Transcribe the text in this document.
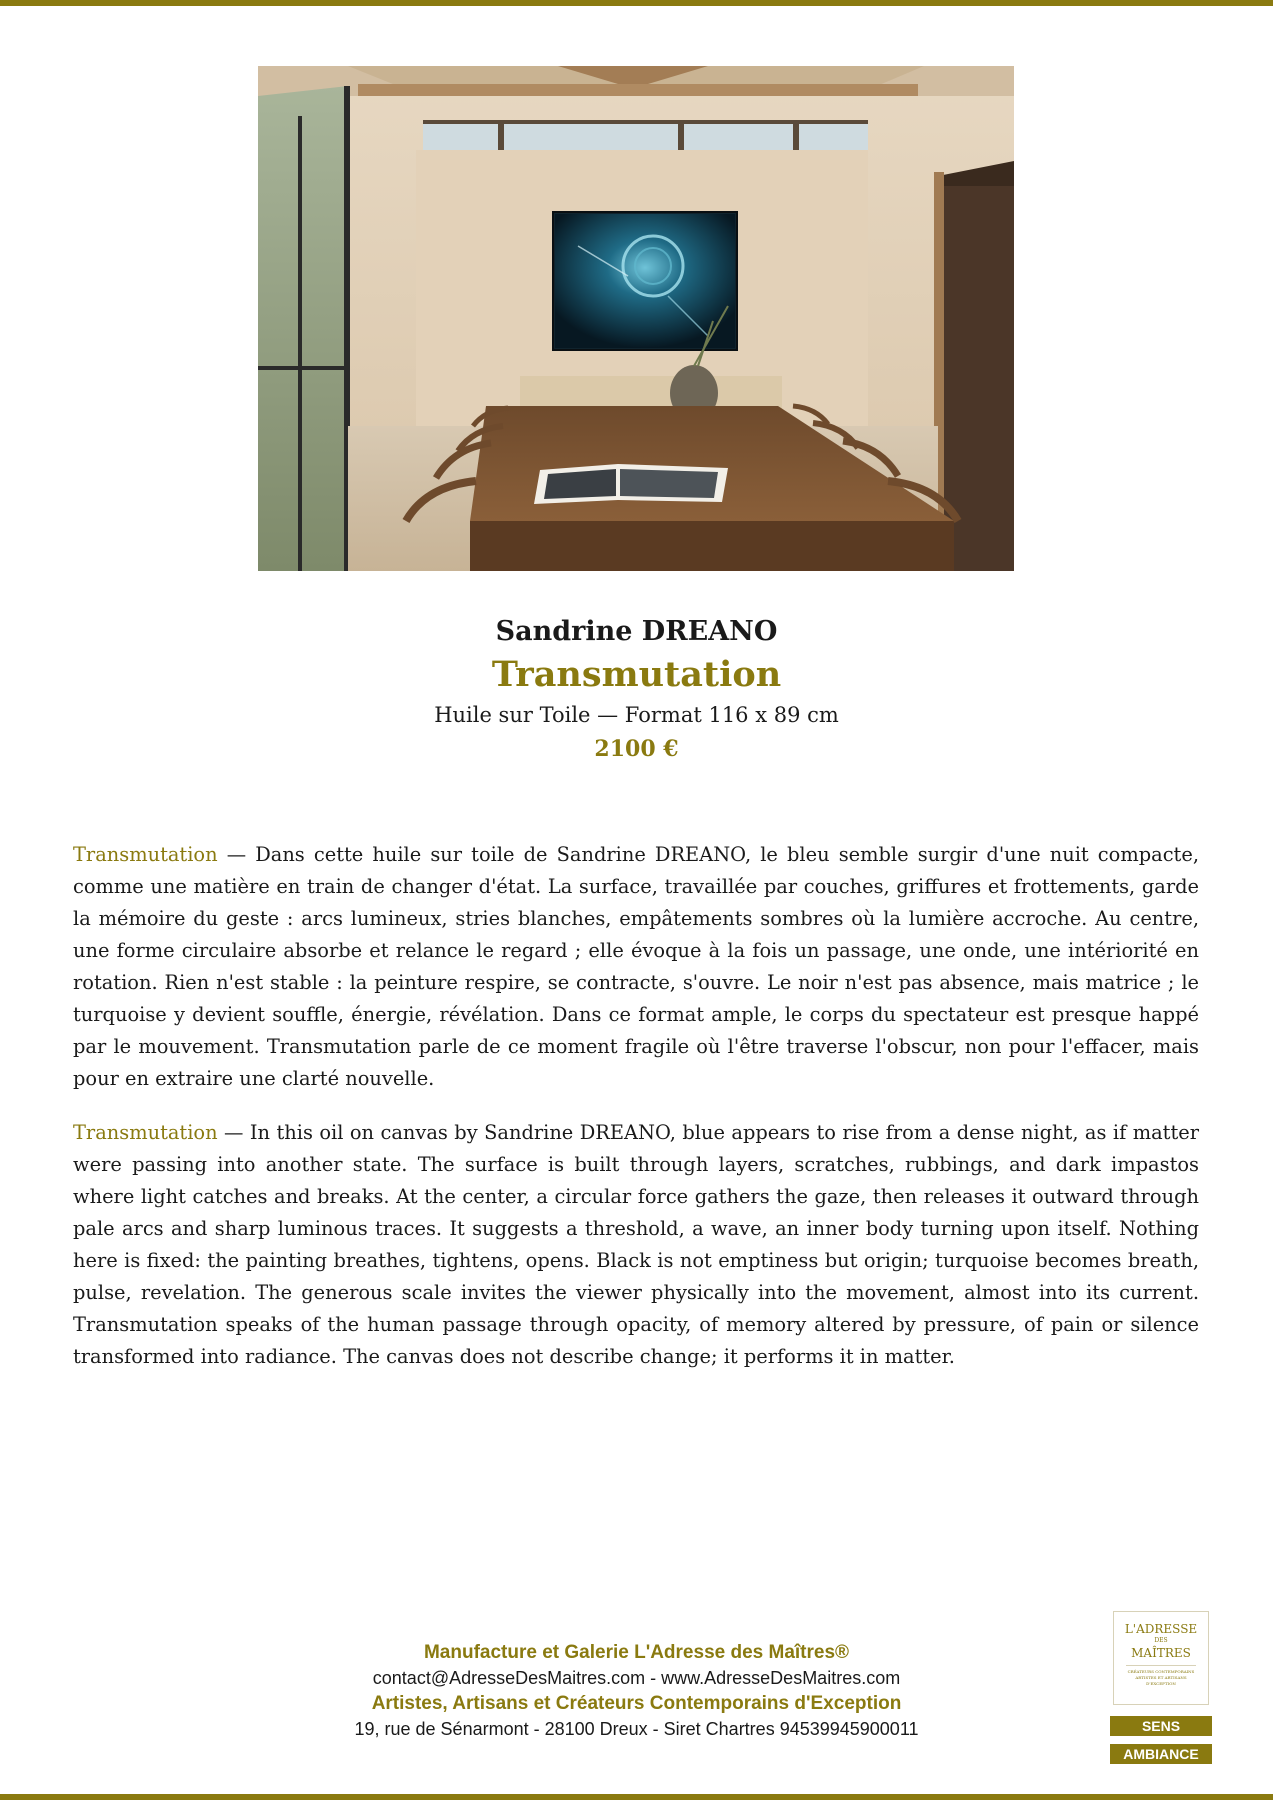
Sandrine DREANO
Transmutation
Huile sur Toile — Format 116 x 89 cm
2100 €

Transmutation — Dans cette huile sur toile de Sandrine DREANO, le bleu semble surgir d'une nuit compacte, comme une matière en train de changer d'état. La surface, travaillée par couches, griffures et frottements, garde la mémoire du geste : arcs lumineux, stries blanches, empâtements sombres où la lumière accroche. Au centre, une forme circulaire absorbe et relance le regard ; elle évoque à la fois un passage, une onde, une intériorité en rotation. Rien n'est stable : la peinture respire, se contracte, s'ouvre. Le noir n'est pas absence, mais matrice ; le turquoise y devient souffle, énergie, révélation. Dans ce format ample, le corps du spectateur est presque happé par le mouvement. Transmutation parle de ce moment fragile où l'être traverse l'obscur, non pour l'effacer, mais pour en extraire une clarté nouvelle.

Transmutation — In this oil on canvas by Sandrine DREANO, blue appears to rise from a dense night, as if matter were passing into another state. The surface is built through layers, scratches, rubbings, and dark impastos where light catches and breaks. At the center, a circular force gathers the gaze, then releases it outward through pale arcs and sharp luminous traces. It suggests a threshold, a wave, an inner body turning upon itself. Nothing here is fixed: the painting breathes, tightens, opens. Black is not emptiness but origin; turquoise becomes breath, pulse, revelation. The generous scale invites the viewer physically into the movement, almost into its current. Transmutation speaks of the human passage through opacity, of memory altered by pressure, of pain or silence transformed into radiance. The canvas does not describe change; it performs it in matter.

Manufacture et Galerie L'Adresse des Maîtres®
contact@AdresseDesMaitres.com - www.AdresseDesMaitres.com
Artistes, Artisans et Créateurs Contemporains d'Exception
19, rue de Sénarmont - 28100 Dreux - Siret Chartres 94539945900011
L'ADRESSE
DES
MAÎTRES
CRÉATEURS CONTEMPORAINS ARTISTES ET ARTISANS D'EXCEPTION
SENS
AMBIANCE
